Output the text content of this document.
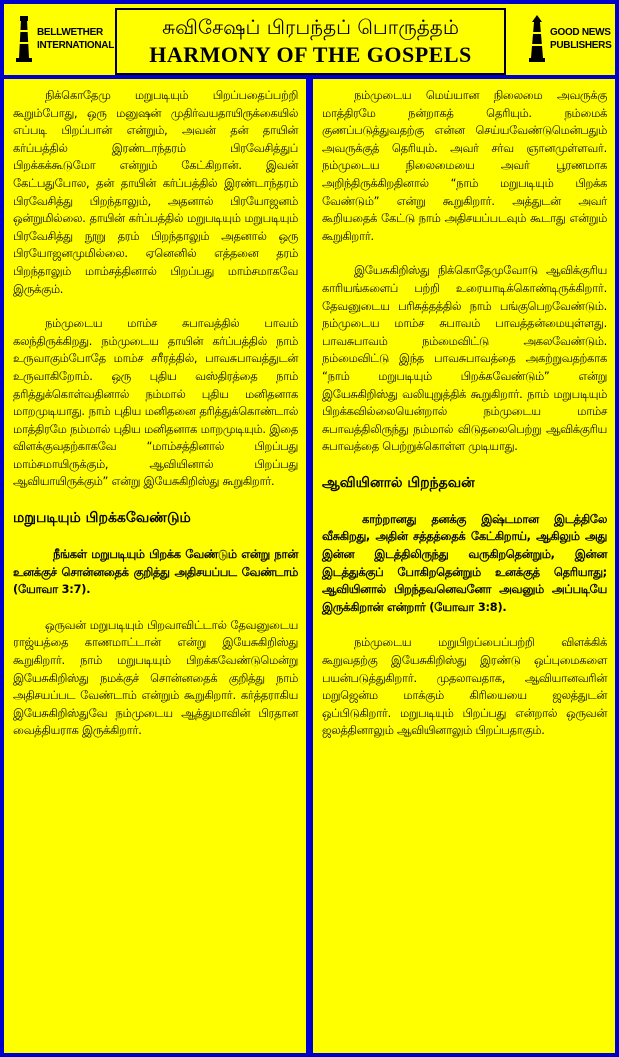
BELLWETHER
INTERNATIONAL
சுவிசேஷப் பிரபந்தப் பொருத்தம்
HARMONY OF THE GOSPELS
GOOD NEWS
PUBLISHERS

நிக்கொதேமு மறுபடியும் பிறப்பதைப்பற்றி கூறும்போது, ஒரு மனுஷன் முதிர்வயதாயிருக்கையில் எப்படி பிறப்பான் என்றும், அவன் தன் தாயின் கர்ப்பத்தில் இரண்டாந்தரம் பிரவேசித்துப் பிறக்கக்கூடுமோ என்றும் கேட்கிறான். இவன் கேட்பதுபோல, தன் தாயின் கர்ப்பத்தில் இரண்டாந்தரம் பிரவேசித்து பிறந்தாலும், அதனால் பிரயோஜனம் ஒன்றுமில்லை. தாயின் கர்ப்பத்தில் மறுபடியும் மறுபடியும் பிரவேசித்து நூறு தரம் பிறந்தாலும் அதனால் ஒரு பிரயோஜனமுமில்லை. ஏனெனில் எத்தனை தரம் பிறந்தாலும் மாம்சத்தினால் பிறப்பது மாம்சமாகவே இருக்கும்.

நம்முடைய மாம்ச சுபாவத்தில் பாவம் கலந்திருக்கிறது. நம்முடைய தாயின் கர்ப்பத்தில் நாம் உருவாகும்போதே மாம்ச சரீரத்தில், பாவசுபாவத்துடன் உருவாகிறோம். ஒரு புதிய வஸ்திரத்தை நாம் தரித்துக்கொள்வதினால் நம்மால் புதிய மனிதனாக மாறமுடியாது. நாம் புதிய மனிதனை தரித்துக்கொண்டால் மாத்திரமே நம்மால் புதிய மனிதனாக மாறமுடியும். இதை விளக்குவதற்காகவே “மாம்சத்தினால் பிறப்பது மாம்சமாயிருக்கும், ஆவியினால் பிறப்பது ஆவியாயிருக்கும்” என்று இயேசுகிறிஸ்து கூறுகிறார்.

மறுபடியும் பிறக்கவேண்டும்

நீங்கள் மறுபடியும் பிறக்க வேண்டும் என்று நான் உனக்குச் சொன்னதைக் குறித்து அதிசயப்பட வேண்டாம் (யோவா 3:7).

ஒருவன் மறுபடியும் பிறவாவிட்டால் தேவனுடைய ராஜ்யத்தை காணமாட்டான் என்று இயேசுகிறிஸ்து கூறுகிறார். நாம் மறுபடியும் பிறக்கவேண்டுமென்று இயேசுகிறிஸ்து நமக்குச் சொன்னதைக் குறித்து நாம் அதிசயப்பட வேண்டாம் என்றும் கூறுகிறார். கர்த்தராகிய இயேசுகிறிஸ்துவே நம்முடைய ஆத்துமாவின் பிரதான வைத்தியராக இருக்கிறார்.

நம்முடைய மெய்யான நிலைமை அவருக்கு மாத்திரமே நன்றாகத் தெரியும். நம்மைக் குணப்படுத்துவதற்கு என்ன செய்யவேண்டுமென்பதும் அவருக்குத் தெரியும். அவர் சர்வ ஞானமுள்ளவர். நம்முடைய நிலைமையை அவர் பூரணமாக அறிந்திருக்கிறதினால் “நாம் மறுபடியும் பிறக்க வேண்டும்” என்று கூறுகிறார். அத்துடன் அவர் கூறியதைக் கேட்டு நாம் அதிசயப்படவும் கூடாது என்றும் கூறுகிறார்.

இயேசுகிறிஸ்து நிக்கொதேமுவோடு ஆவிக்குரிய காரியங்களைப் பற்றி உரையாடிக்கொண்டிருக்கிறார். தேவனுடைய பரிசுத்தத்தில் நாம் பங்குபெறவேண்டும். நம்முடைய மாம்ச சுபாவம் பாவத்தன்மையுள்ளது. பாவசுபாவம் நம்மைவிட்டு அகலவேண்டும். நம்மைவிட்டு இந்த பாவசுபாவத்தை அகற்றுவதற்காக “நாம் மறுபடியும் பிறக்கவேண்டும்” என்று இயேசுகிறிஸ்து வலியுறுத்திக் கூறுகிறார். நாம் மறுபடியும் பிறக்கவில்லையென்றால் நம்முடைய மாம்ச சுபாவத்திலிருந்து நம்மால் விடுதலைபெற்று ஆவிக்குரிய சுபாவத்தை பெற்றுக்கொள்ள முடியாது.

ஆவியினால் பிறந்தவன்

காற்றானது தனக்கு இஷ்டமான இடத்திலே வீசுகிறது, அதின் சத்தத்தைக் கேட்கிறாய், ஆகிலும் அது இன்ன இடத்திலிருந்து வருகிறதென்றும், இன்ன இடத்துக்குப் போகிறதென்றும் உனக்குத் தெரியாது; ஆவியினால் பிறந்தவனெவனோ அவனும் அப்படியே இருக்கிறான் என்றார் (யோவா 3:8).

நம்முடைய மறுபிறப்பைப்பற்றி விளக்கிக் கூறுவதற்கு இயேசுகிறிஸ்து இரண்டு ஒப்புமைகளை பயன்படுத்துகிறார். முதலாவதாக, ஆவியானவரின் மறுஜென்ம மாக்கும் கிரியையை ஜலத்துடன் ஒப்பிடுகிறார். மறுபடியும் பிறப்பது என்றால் ஒருவன் ஜலத்தினாலும் ஆவியினாலும் பிறப்பதாகும்.
